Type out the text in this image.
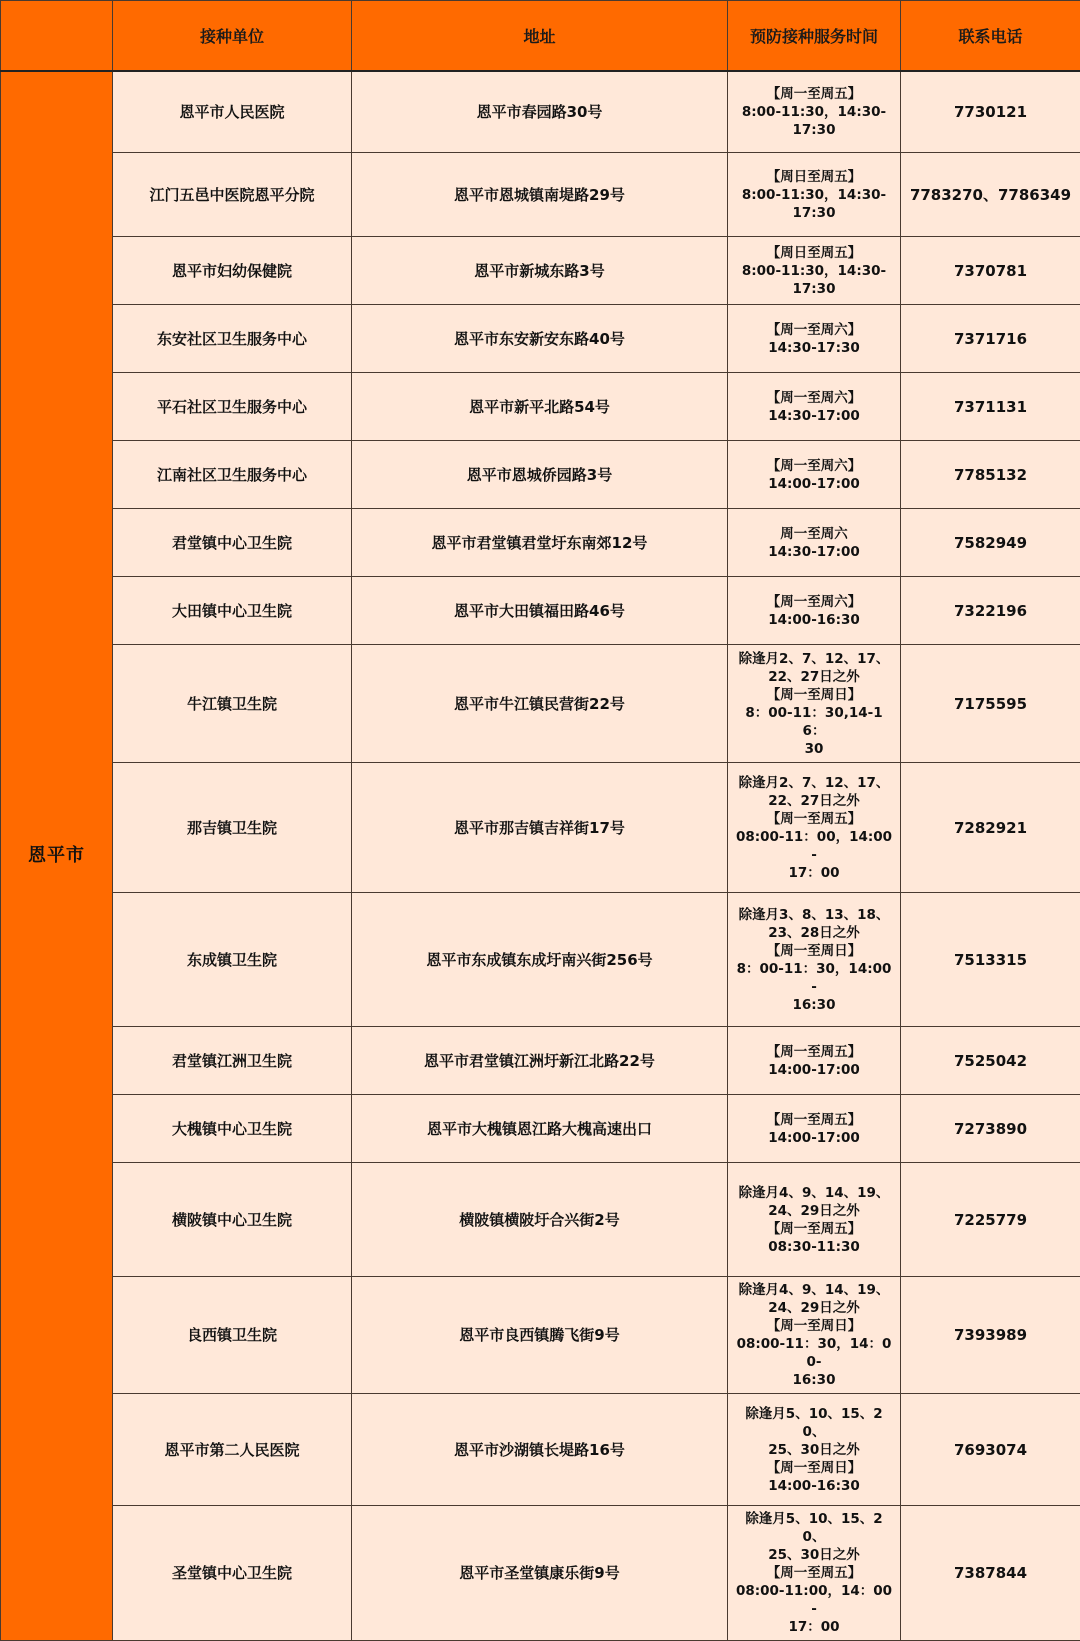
	接种单位	地址	预防接种服务时间	联系电话
恩平市	恩平市人民医院	恩平市春园路30号	【周一至周五】
8:00-11:30，14:30-
17:30	7730121
	江门五邑中医院恩平分院	恩平市恩城镇南堤路29号	【周日至周五】
8:00-11:30，14:30-
17:30	7783270、7786349
	恩平市妇幼保健院	恩平市新城东路3号	【周日至周五】
8:00-11:30，14:30-
17:30	7370781
	东安社区卫生服务中心	恩平市东安新安东路40号	【周一至周六】
14:30-17:30	7371716
	平石社区卫生服务中心	恩平市新平北路54号	【周一至周六】
14:30-17:00	7371131
	江南社区卫生服务中心	恩平市恩城侨园路3号	【周一至周六】
14:00-17:00	7785132
	君堂镇中心卫生院	恩平市君堂镇君堂圩东南郊12号	周一至周六
14:30-17:00	7582949
	大田镇中心卫生院	恩平市大田镇福田路46号	【周一至周六】
14:00-16:30	7322196
	牛江镇卫生院	恩平市牛江镇民营街22号	除逢月2、7、12、17、
22、27日之外
【周一至周日】
8：00-11：30,14-16：
30	7175595
	那吉镇卫生院	恩平市那吉镇吉祥街17号	除逢月2、7、12、17、
22、27日之外
【周一至周五】
08:00-11：00，14:00-
17：00	7282921
	东成镇卫生院	恩平市东成镇东成圩南兴街256号	除逢月3、8、13、18、
23、28日之外
【周一至周日】
8：00-11：30，14:00-
16:30	7513315
	君堂镇江洲卫生院	恩平市君堂镇江洲圩新江北路22号	【周一至周五】
14:00-17:00	7525042
	大槐镇中心卫生院	恩平市大槐镇恩江路大槐高速出口	【周一至周五】
14:00-17:00	7273890
	横陂镇中心卫生院	横陂镇横陂圩合兴街2号	除逢月4、9、14、19、
24、29日之外
【周一至周五】
08:30-11:30	7225779
	良西镇卫生院	恩平市良西镇腾飞街9号	除逢月4、9、14、19、
24、29日之外
【周一至周日】
08:00-11：30，14：00-
16:30	7393989
	恩平市第二人民医院	恩平市沙湖镇长堤路16号	除逢月5、10、15、20、
25、30日之外
【周一至周日】
14:00-16:30	7693074
	圣堂镇中心卫生院	恩平市圣堂镇康乐街9号	除逢月5、10、15、20、
25、30日之外
【周一至周五】
08:00-11:00，14：00-
17：00	7387844
